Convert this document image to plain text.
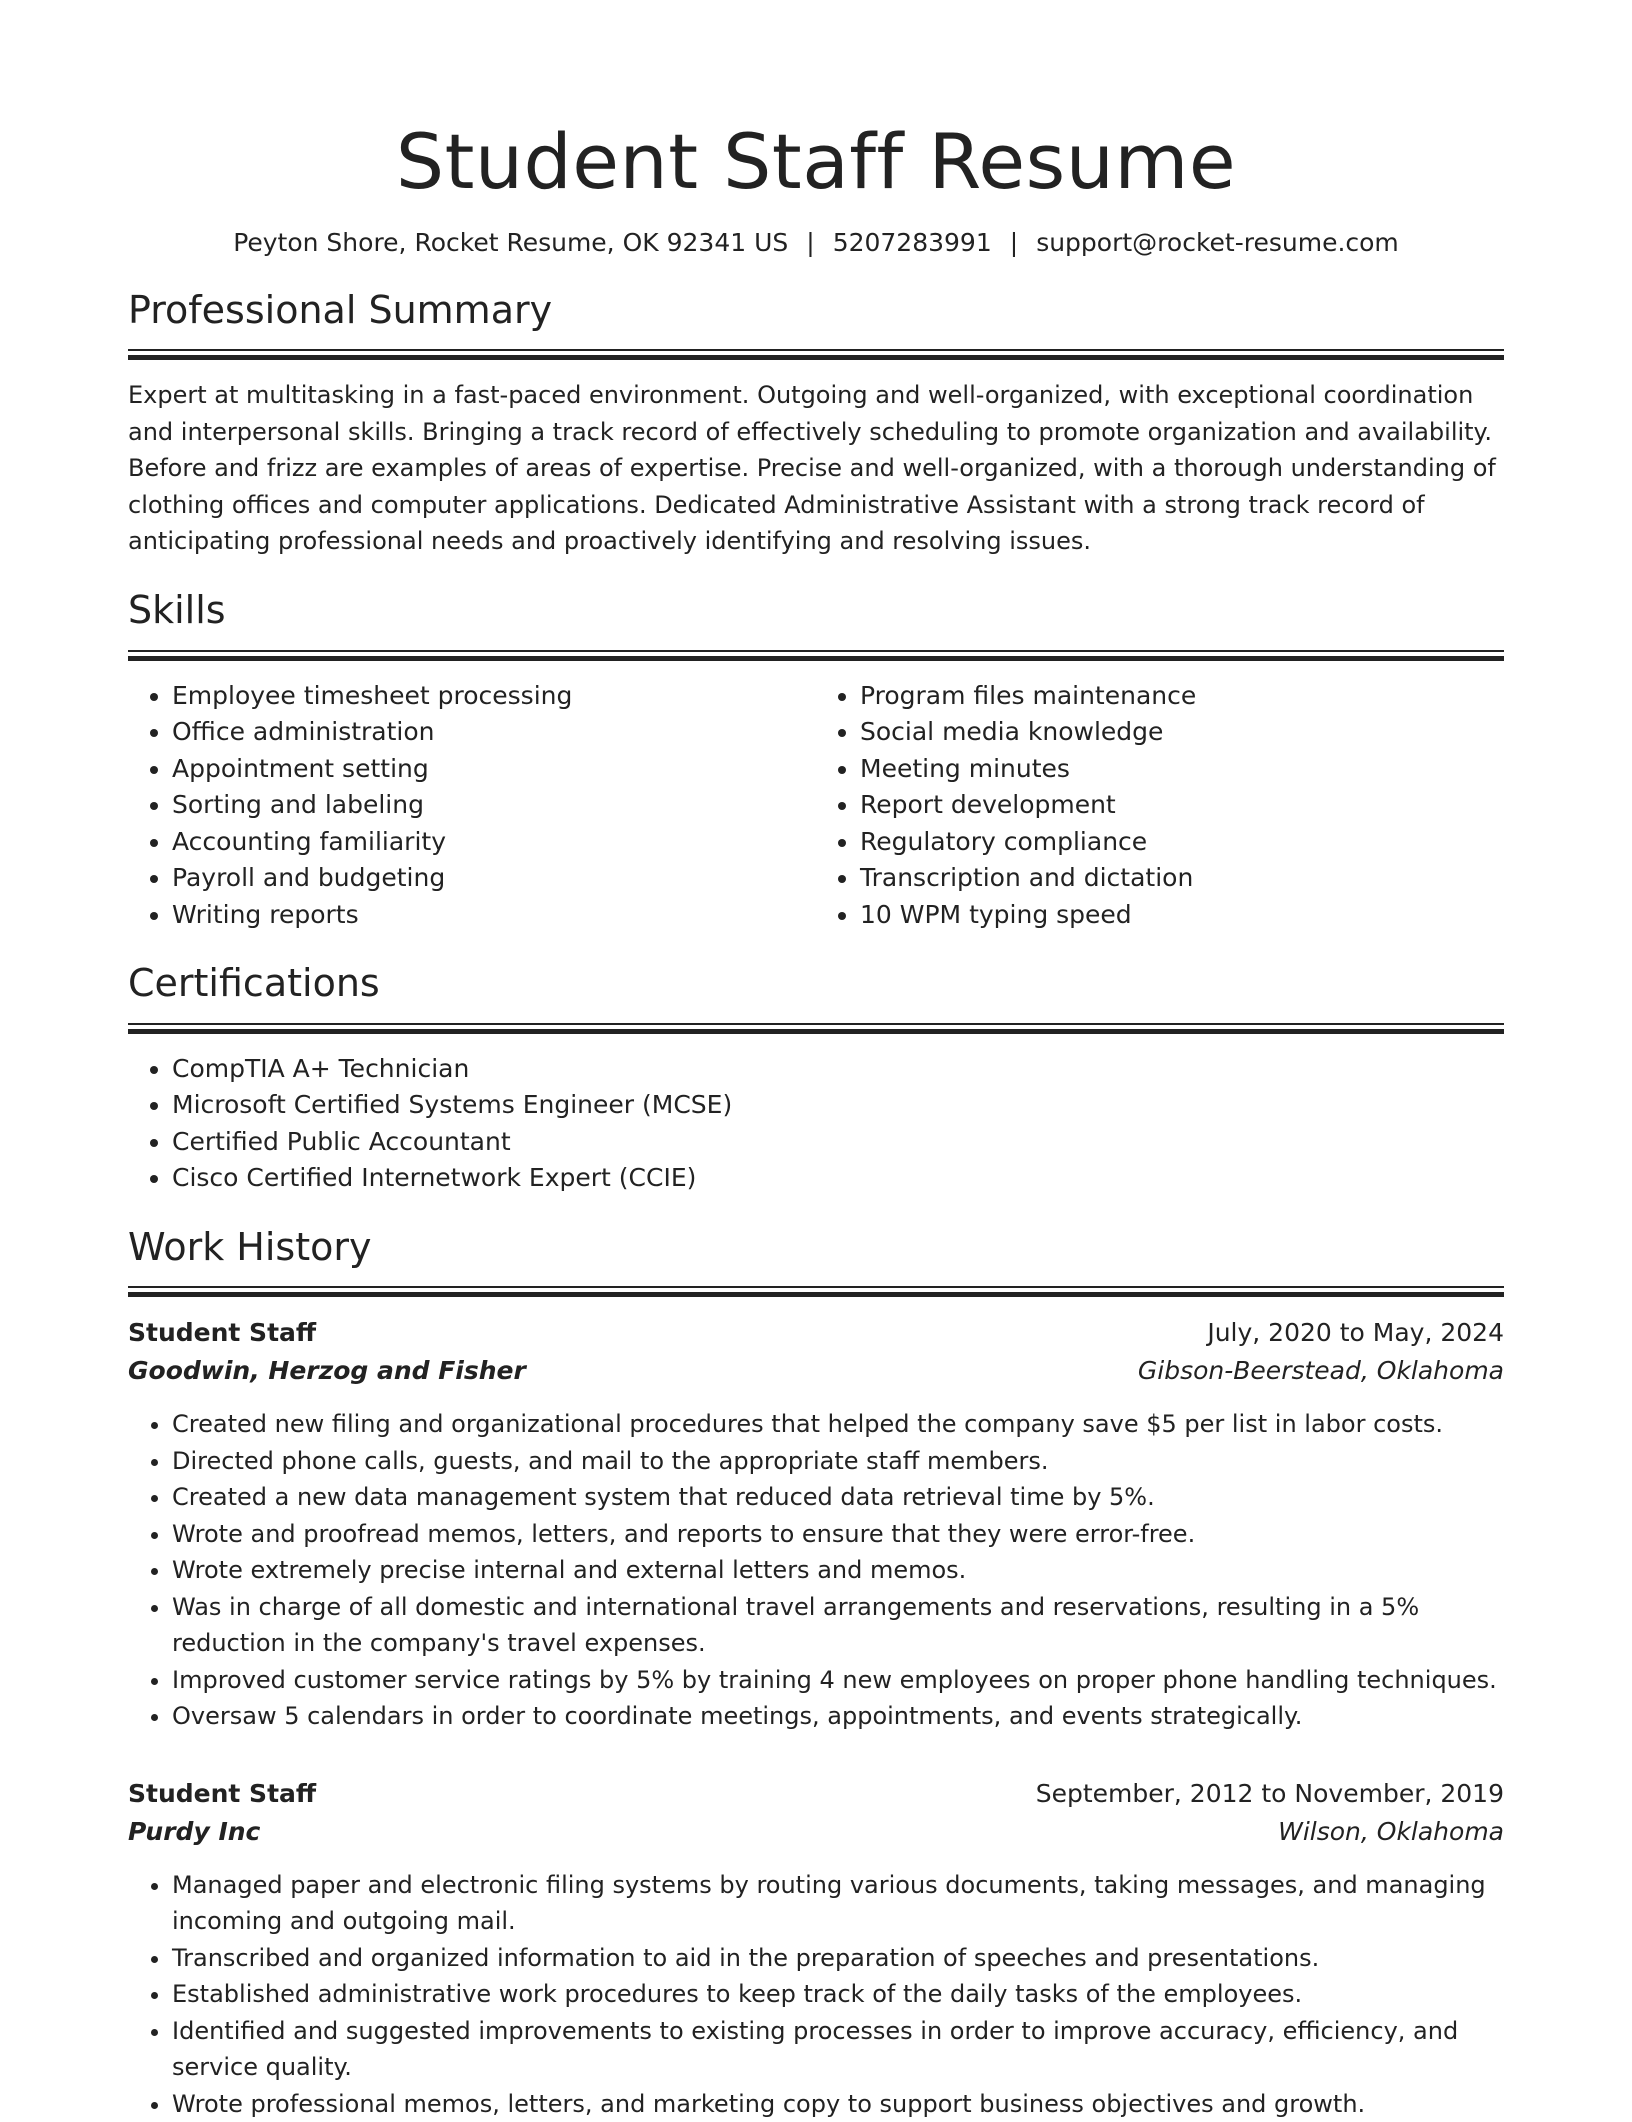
Student Staff Resume
Peyton Shore, Rocket Resume, OK 92341 US | 5207283991 | support@rocket-resume.com
Professional Summary

Expert at multitasking in a fast-paced environment. Outgoing and well-organized, with exceptional coordination and interpersonal skills. Bringing a track record of effectively scheduling to promote organization and availability. Before and frizz are examples of areas of expertise. Precise and well-organized, with a thorough understanding of clothing offices and computer applications. Dedicated Administrative Assistant with a strong track record of anticipating professional needs and proactively identifying and resolving issues.

Skills
• Employee timesheet processing
• Office administration
• Appointment setting
• Sorting and labeling
• Accounting familiarity
• Payroll and budgeting
• Writing reports
• Program files maintenance
• Social media knowledge
• Meeting minutes
• Report development
• Regulatory compliance
• Transcription and dictation
• 10 WPM typing speed
Certifications
• CompTIA A+ Technician
• Microsoft Certified Systems Engineer (MCSE)
• Certified Public Accountant
• Cisco Certified Internetwork Expert (CCIE)
Work History
Student Staff	July, 2020 to May, 2024
Goodwin, Herzog and Fisher	Gibson-Beerstead, Oklahoma
• Created new filing and organizational procedures that helped the company save $5 per list in labor costs.
• Directed phone calls, guests, and mail to the appropriate staff members.
• Created a new data management system that reduced data retrieval time by 5%.
• Wrote and proofread memos, letters, and reports to ensure that they were error-free.
• Wrote extremely precise internal and external letters and memos.
• Was in charge of all domestic and international travel arrangements and reservations, resulting in a 5% reduction in the company's travel expenses.
• Improved customer service ratings by 5% by training 4 new employees on proper phone handling techniques.
• Oversaw 5 calendars in order to coordinate meetings, appointments, and events strategically.
Student Staff	September, 2012 to November, 2019
Purdy Inc	Wilson, Oklahoma
• Managed paper and electronic filing systems by routing various documents, taking messages, and managing incoming and outgoing mail.
• Transcribed and organized information to aid in the preparation of speeches and presentations.
• Established administrative work procedures to keep track of the daily tasks of the employees.
• Identified and suggested improvements to existing processes in order to improve accuracy, efficiency, and service quality.
• Wrote professional memos, letters, and marketing copy to support business objectives and growth.
